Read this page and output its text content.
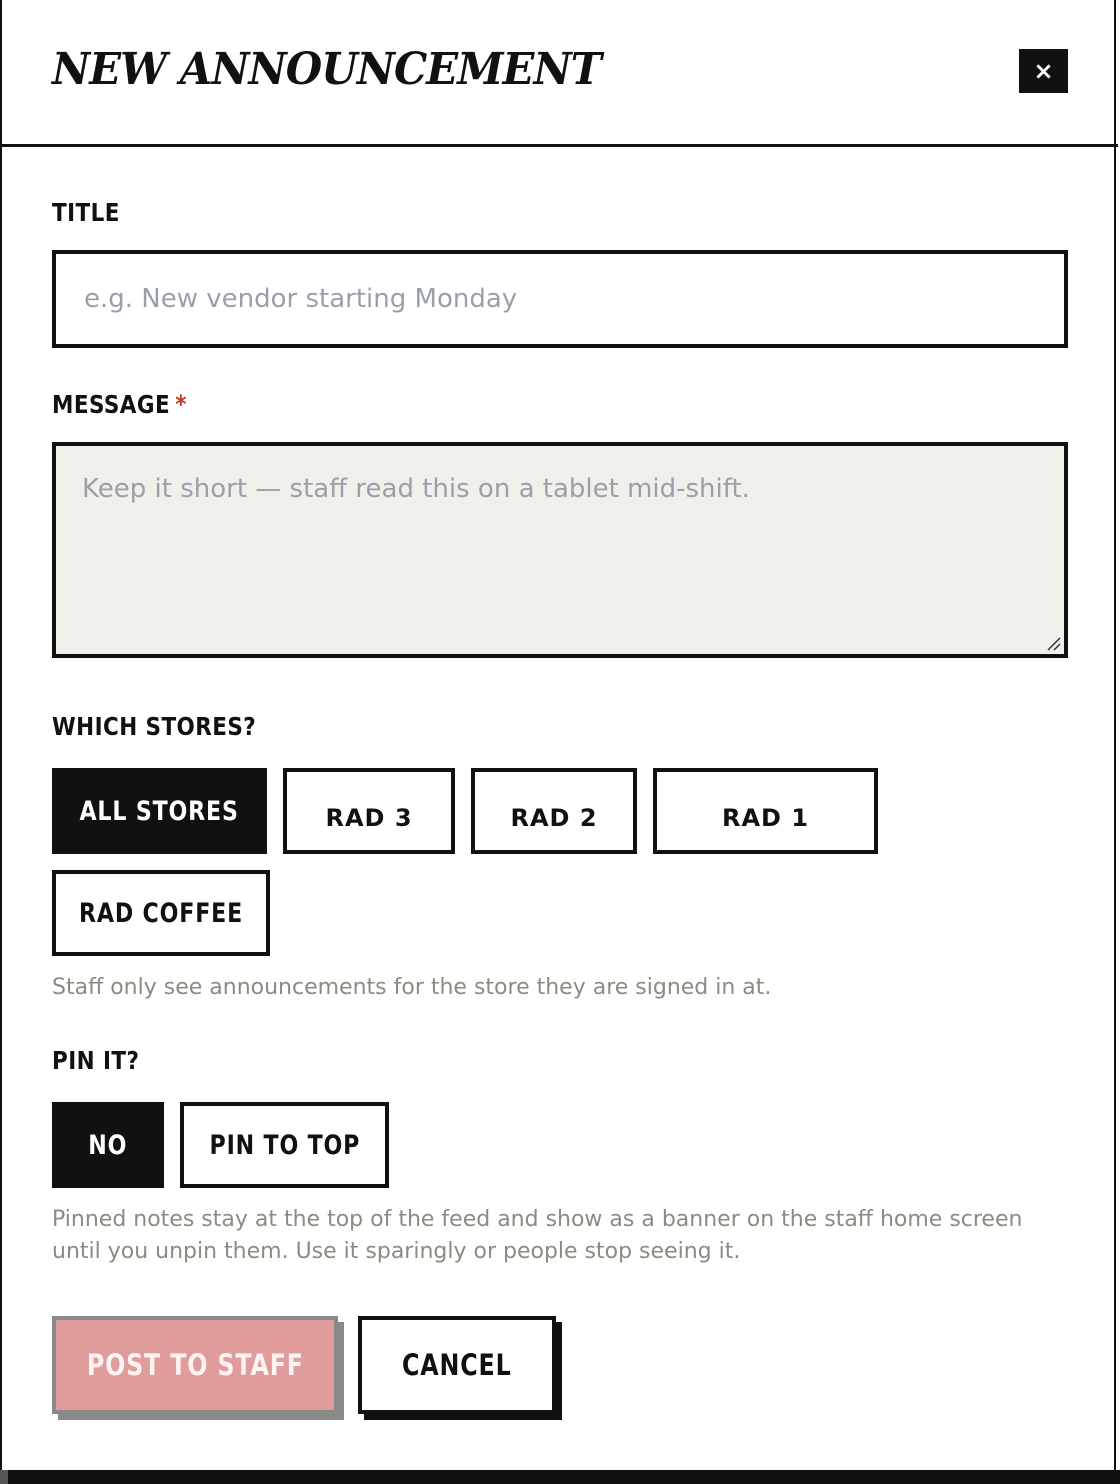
NEW ANNOUNCEMENT	×
TITLE
e.g. New vendor starting Monday
MESSAGE *
Keep it short — staff read this on a tablet mid-shift.
WHICH STORES?
ALL STORES	RAD 3	RAD 2	RAD 1
RAD COFFEE
Staff only see announcements for the store they are signed in at.
PIN IT?
NO	PIN TO TOP
Pinned notes stay at the top of the feed and show as a banner on the staff home screen until you unpin them. Use it sparingly or people stop seeing it.
POST TO STAFF	CANCEL
